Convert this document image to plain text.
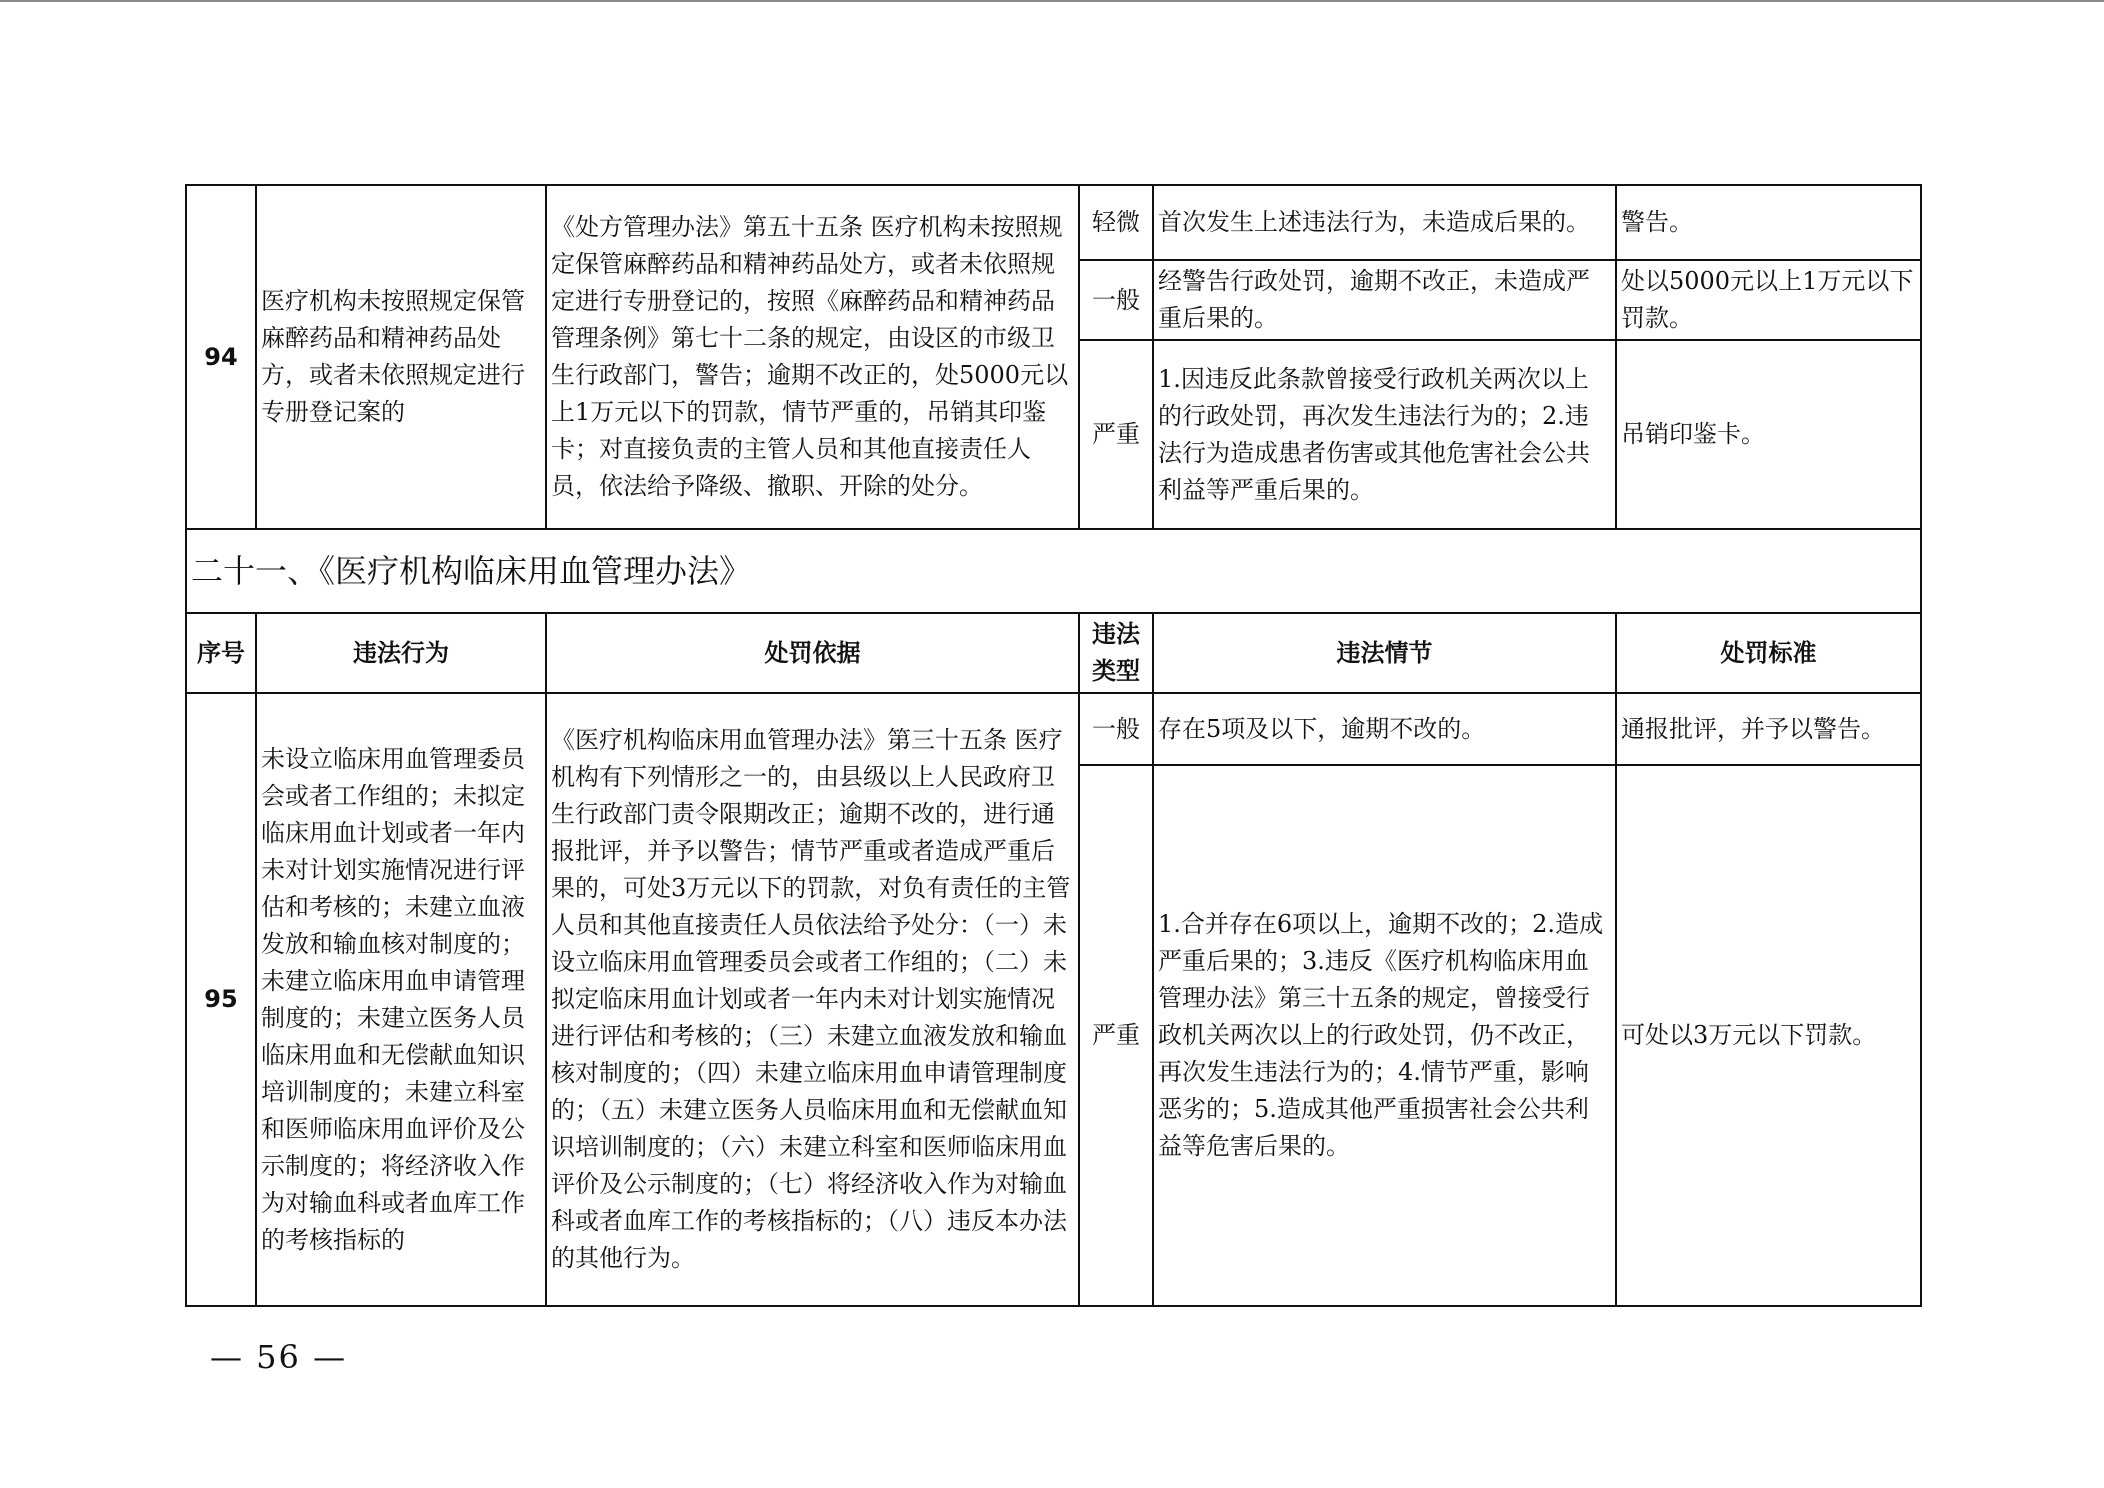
94	医疗机构未按照规定保管麻醉药品和精神药品处方，或者未依照规定进行专册登记案的	《处方管理办法》第五十五条 医疗机构未按照规定保管麻醉药品和精神药品处方，或者未依照规定进行专册登记的，按照《麻醉药品和精神药品管理条例》第七十二条的规定，由设区的市级卫生行政部门，警告；逾期不改正的，处5000元以上1万元以下的罚款，情节严重的，吊销其印鉴卡；对直接负责的主管人员和其他直接责任人员，依法给予降级、撤职、开除的处分。	轻微	首次发生上述违法行为，未造成后果的。	警告。
			一般	经警告行政处罚，逾期不改正，未造成严重后果的。	处以5000元以上1万元以下罚款。
			严重	1.因违反此条款曾接受行政机关两次以上的行政处罚，再次发生违法行为的；2.违法行为造成患者伤害或其他危害社会公共利益等严重后果的。	吊销印鉴卡。
二十一、《医疗机构临床用血管理办法》					
序号	违法行为	处罚依据	违法类型	违法情节	处罚标准
95	未设立临床用血管理委员会或者工作组的；未拟定临床用血计划或者一年内未对计划实施情况进行评估和考核的；未建立血液发放和输血核对制度的；未建立临床用血申请管理制度的；未建立医务人员临床用血和无偿献血知识培训制度的；未建立科室和医师临床用血评价及公示制度的；将经济收入作为对输血科或者血库工作的考核指标的	《医疗机构临床用血管理办法》第三十五条 医疗机构有下列情形之一的，由县级以上人民政府卫生行政部门责令限期改正；逾期不改的，进行通报批评，并予以警告；情节严重或者造成严重后果的，可处3万元以下的罚款，对负有责任的主管人员和其他直接责任人员依法给予处分：（一）未设立临床用血管理委员会或者工作组的；（二）未拟定临床用血计划或者一年内未对计划实施情况进行评估和考核的；（三）未建立血液发放和输血核对制度的；（四）未建立临床用血申请管理制度的；（五）未建立医务人员临床用血和无偿献血知识培训制度的；（六）未建立科室和医师临床用血评价及公示制度的；（七）将经济收入作为对输血科或者血库工作的考核指标的；（八）违反本办法的其他行为。	一般	存在5项及以下，逾期不改的。	通报批评，并予以警告。
			严重	1.合并存在6项以上，逾期不改的；2.造成严重后果的；3.违反《医疗机构临床用血管理办法》第三十五条的规定，曾接受行政机关两次以上的行政处罚，仍不改正，再次发生违法行为的；4.情节严重，影响恶劣的；5.造成其他严重损害社会公共利益等危害后果的。	可处以3万元以下罚款。
— 56 —
